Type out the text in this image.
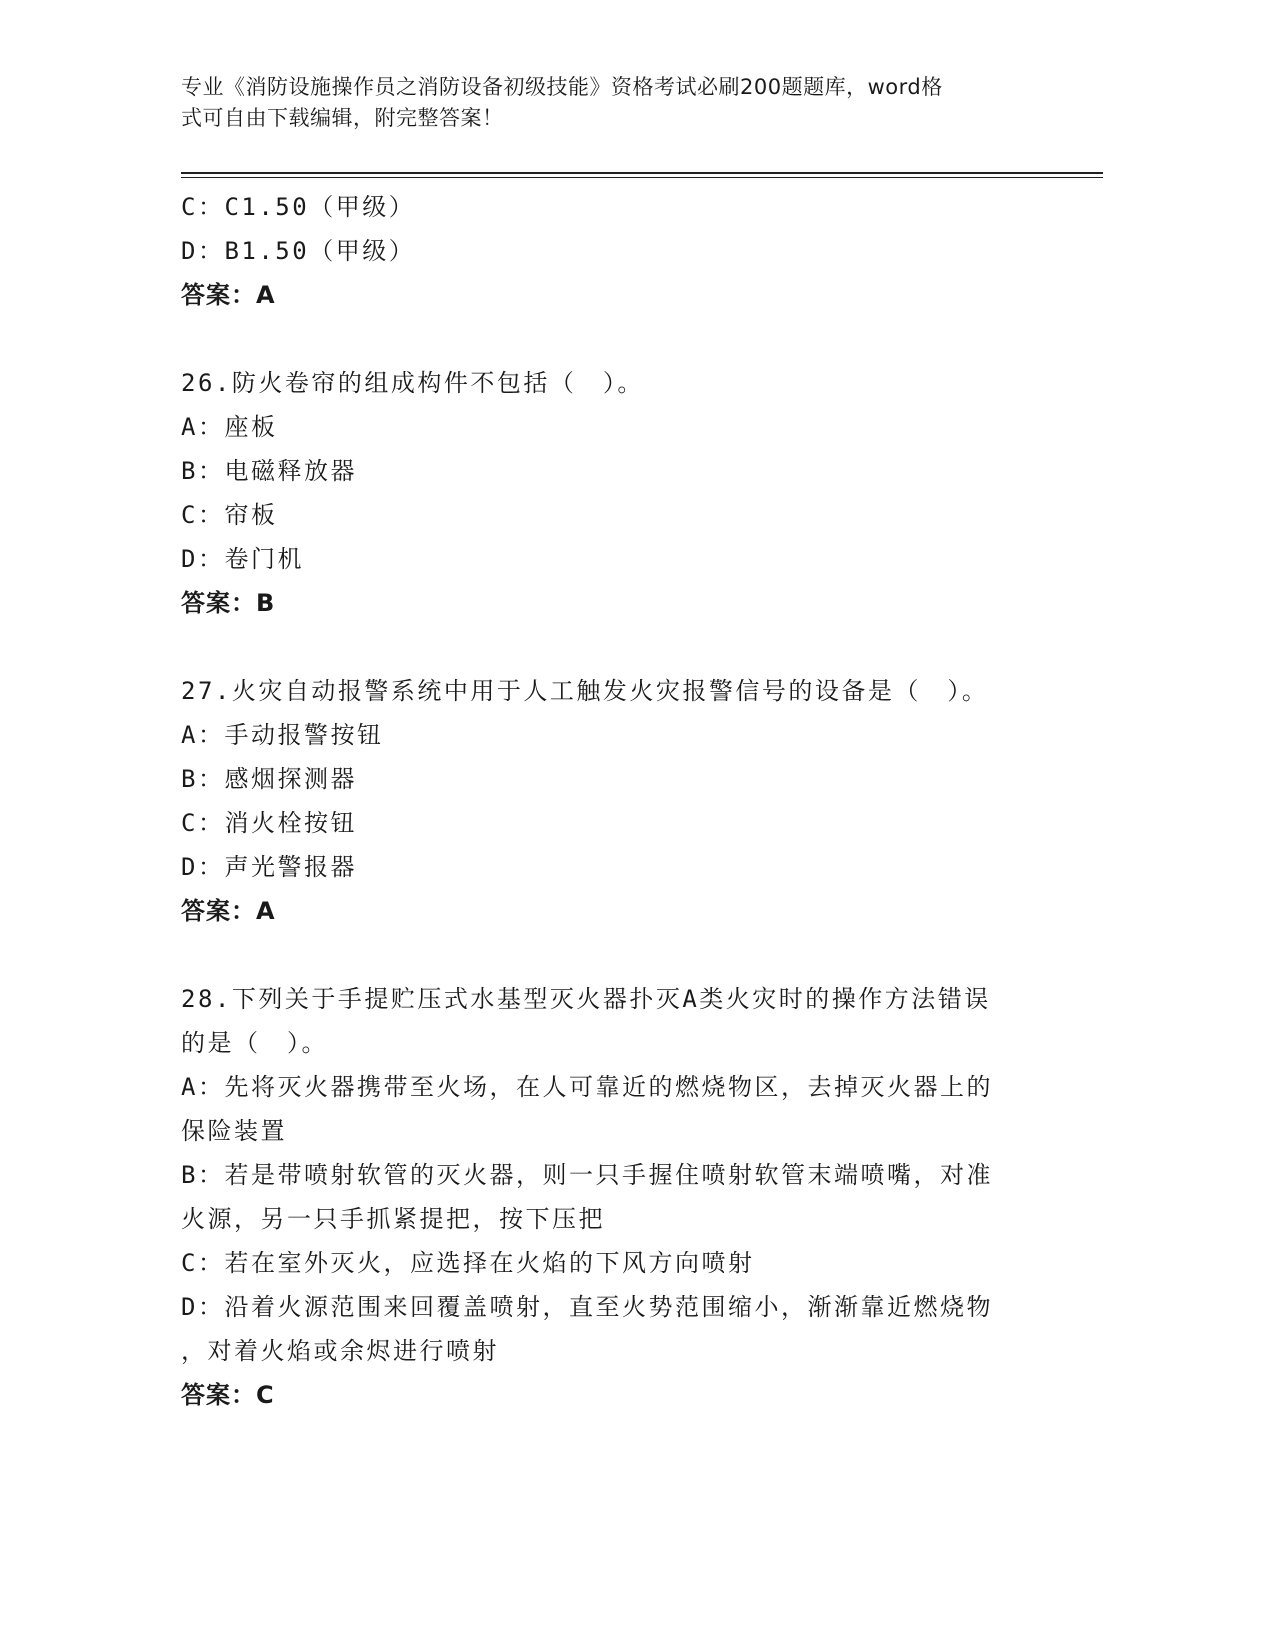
专业《消防设施操作员之消防设备初级技能》资格考试必刷200题题库，word格
式可自由下载编辑，附完整答案！

C：C1.50（甲级）

D：B1.50（甲级）

答案：A

26.防火卷帘的组成构件不包括（　）。

A：座板

B：电磁释放器

C：帘板

D：卷门机

答案：B

27.火灾自动报警系统中用于人工触发火灾报警信号的设备是（　）。

A：手动报警按钮

B：感烟探测器

C：消火栓按钮

D：声光警报器

答案：A

28.下列关于手提贮压式水基型灭火器扑灭A类火灾时的操作方法错误

的是（　）。

A：先将灭火器携带至火场，在人可靠近的燃烧物区，去掉灭火器上的

保险装置

B：若是带喷射软管的灭火器，则一只手握住喷射软管末端喷嘴，对准

火源，另一只手抓紧提把，按下压把

C：若在室外灭火，应选择在火焰的下风方向喷射

D：沿着火源范围来回覆盖喷射，直至火势范围缩小，渐渐靠近燃烧物

，对着火焰或余烬进行喷射

答案：C
